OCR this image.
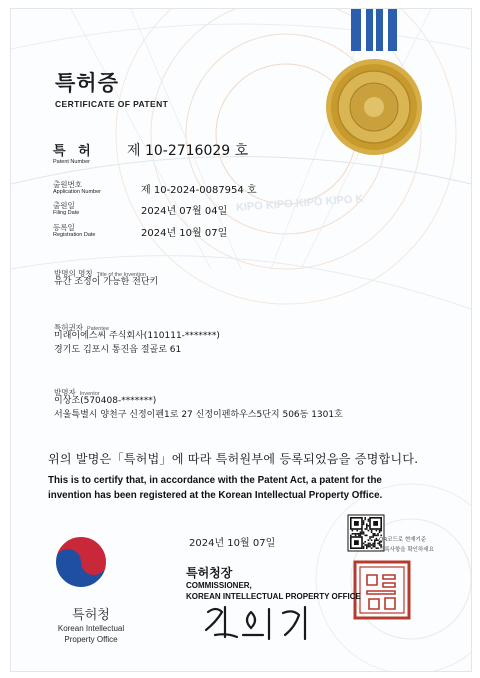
KIPO KIPO KIPO KIPO K
특허증
CERTIFICATE OF PATENT
특 허
Patent Number
제 10-2716029 호
출원번호
Application Number	제 10-2024-0087954 호
출원일
Filing Date	2024년 07월 04일
등록일
Registration Date	2024년 10월 07일
발명의 명칭 Title of the Invention
유간 조정이 가능한 전단키
특허권자 Patentee
미래이에스씨 주식회사(110111-*******)
경기도 김포시 통진읍 절골로 61
발명자 Inventor
이상조(570408-*******)
서울특별시 양천구 신정이펜1로 27 신정이펜하우스5단지 506동 1301호
위의 발명은「특허법」에 따라 특허원부에 등록되었음을 증명합니다.
This is to certify that, in accordance with the Patent Act, a patent for the
invention has been registered at the Korean Intellectual Property Office.
2024년 10월 07일
특허청장
COMMISSIONER,
KOREAN INTELLECTUAL PROPERTY OFFICE
QR코드로 현재기준
등록사항을 확인하세요
특허청
Korean Intellectual
Property Office
